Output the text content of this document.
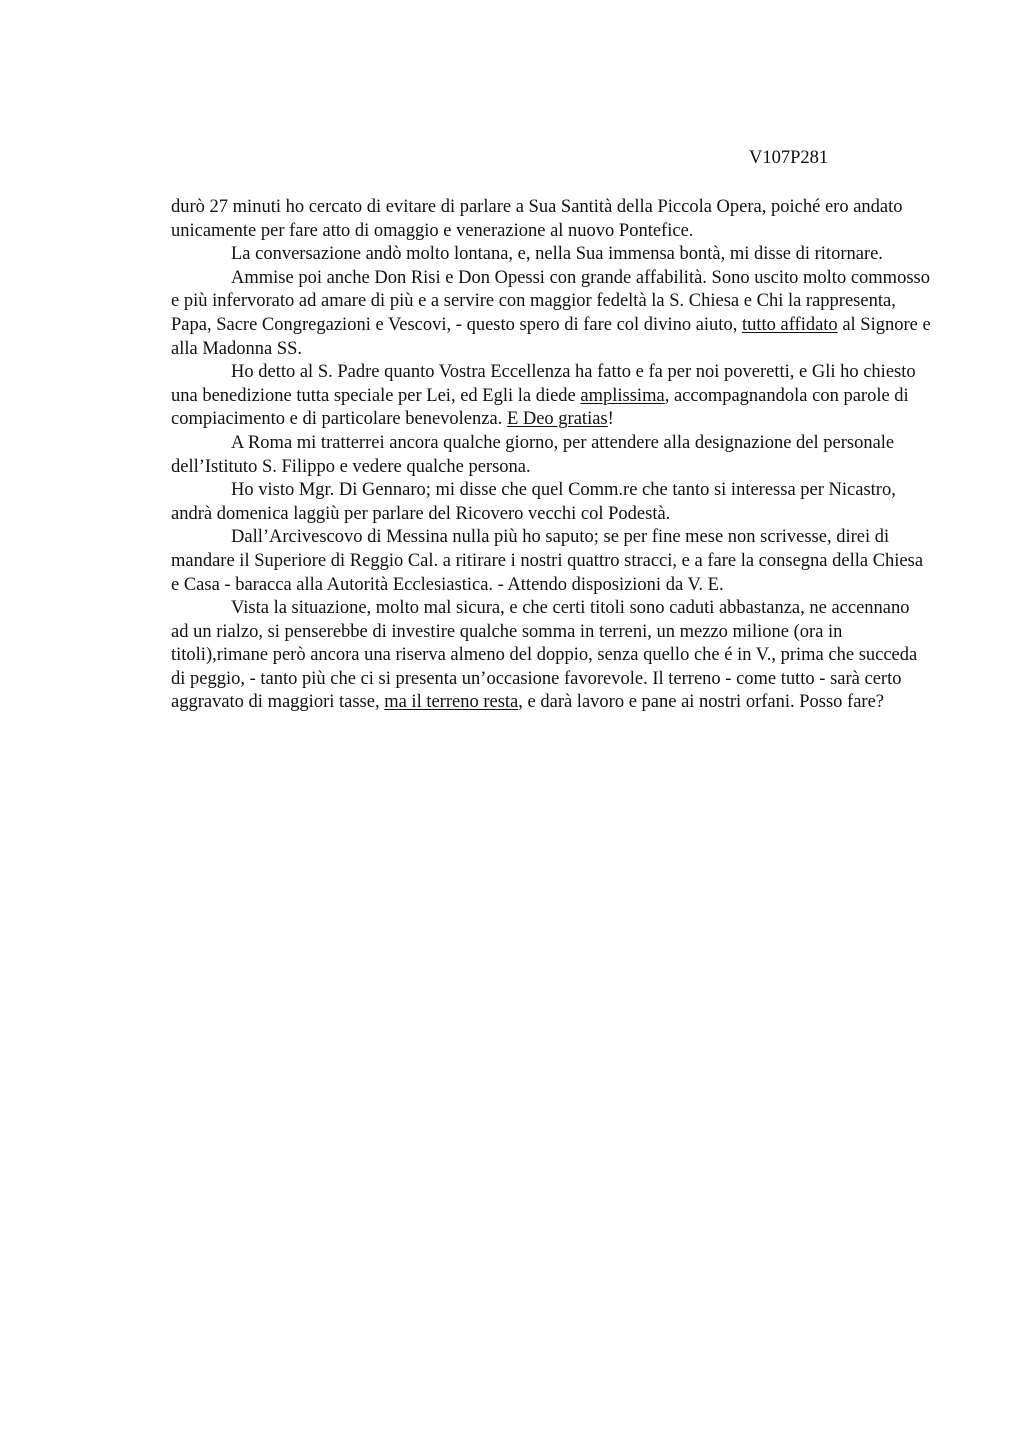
V107P281

durò 27 minuti ho cercato di evitare di parlare a Sua Santità della Piccola Opera, poiché ero andato unicamente per fare atto di omaggio e venerazione al nuovo Pontefice.

La conversazione andò molto lontana, e, nella Sua immensa bontà, mi disse di ritornare.

Ammise poi anche Don Risi e Don Opessi con grande affabilità. Sono uscito molto commosso e più infervorato ad amare di più e a servire con maggior fedeltà la S. Chiesa e Chi la rappresenta, Papa, Sacre Congregazioni e Vescovi, - questo spero di fare col divino aiuto, tutto affidato al Signore e alla Madonna SS.

Ho detto al S. Padre quanto Vostra Eccellenza ha fatto e fa per noi poveretti, e Gli ho chiesto una benedizione tutta speciale per Lei, ed Egli la diede amplissima, accompagnandola con parole di compiacimento e di particolare benevolenza. E Deo gratias!

A Roma mi tratterrei ancora qualche giorno, per attendere alla designazione del personale dell’Istituto S. Filippo e vedere qualche persona.

Ho visto Mgr. Di Gennaro; mi disse che quel Comm.re che tanto si interessa per Nicastro, andrà domenica laggiù per parlare del Ricovero vecchi col Podestà.

Dall’Arcivescovo di Messina nulla più ho saputo; se per fine mese non scrivesse, direi di mandare il Superiore di Reggio Cal. a ritirare i nostri quattro stracci, e a fare la consegna della Chiesa e Casa - baracca alla Autorità Ecclesiastica. - Attendo disposizioni da V. E.

Vista la situazione, molto mal sicura, e che certi titoli sono caduti abbastanza, ne accennano ad un rialzo, si penserebbe di investire qualche somma in terreni, un mezzo milione (ora in titoli),rimane però ancora una riserva almeno del doppio, senza quello che é in V., prima che succeda di peggio, - tanto più che ci si presenta un’occasione favorevole. Il terreno - come tutto - sarà certo aggravato di maggiori tasse, ma il terreno resta, e darà lavoro e pane ai nostri orfani. Posso fare?
